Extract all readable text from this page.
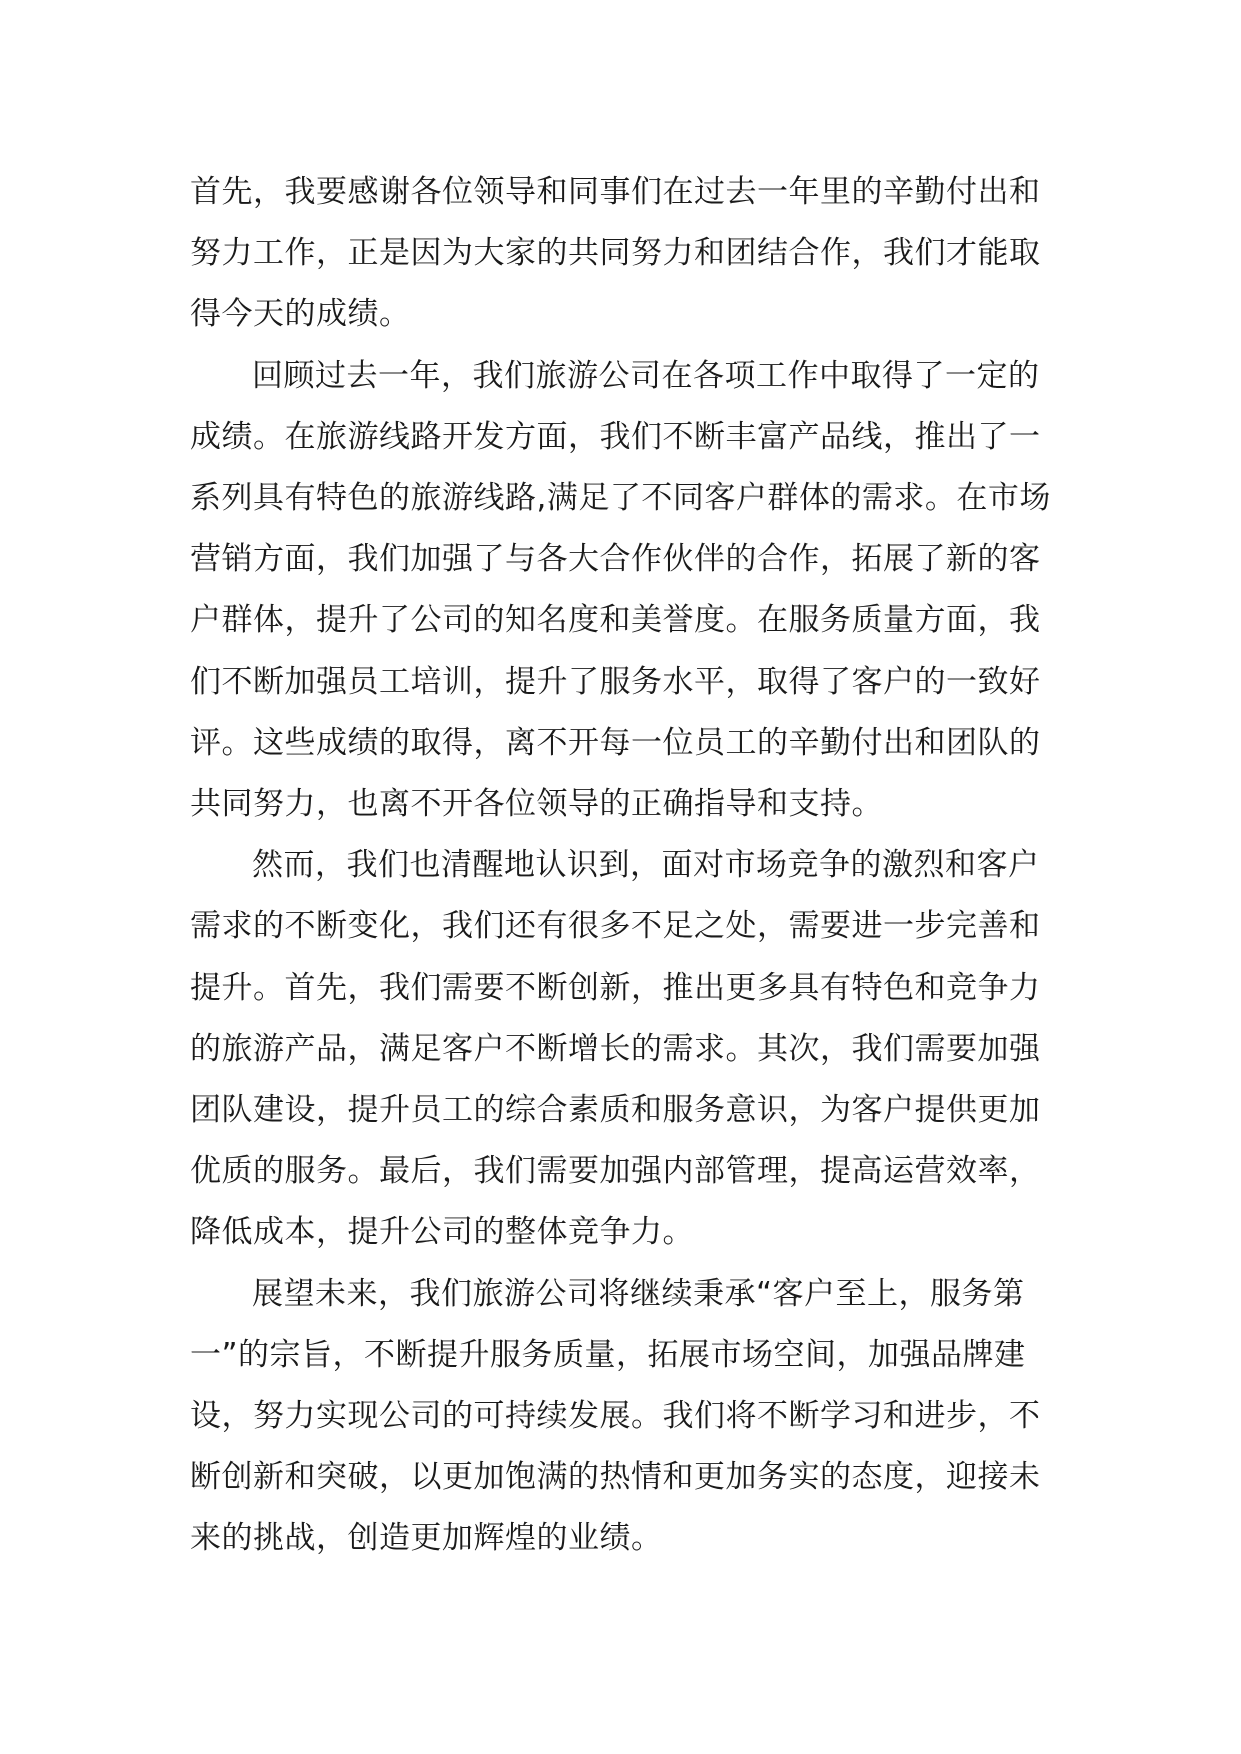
首先，我要感谢各位领导和同事们在过去一年里的辛勤付出和努力工作，正是因为大家的共同努力和团结合作，我们才能取得今天的成绩。

回顾过去一年，我们旅游公司在各项工作中取得了一定的成绩。在旅游线路开发方面，我们不断丰富产品线，推出了一系列具有特色的旅游线路,满足了不同客户群体的需求。在市场营销方面，我们加强了与各大合作伙伴的合作，拓展了新的客户群体，提升了公司的知名度和美誉度。在服务质量方面，我们不断加强员工培训，提升了服务水平，取得了客户的一致好评。这些成绩的取得，离不开每一位员工的辛勤付出和团队的共同努力，也离不开各位领导的正确指导和支持。

然而，我们也清醒地认识到，面对市场竞争的激烈和客户需求的不断变化，我们还有很多不足之处，需要进一步完善和提升。首先，我们需要不断创新，推出更多具有特色和竞争力的旅游产品，满足客户不断增长的需求。其次，我们需要加强团队建设，提升员工的综合素质和服务意识，为客户提供更加优质的服务。最后，我们需要加强内部管理，提高运营效率，降低成本，提升公司的整体竞争力。

展望未来，我们旅游公司将继续秉承“客户至上，服务第一”的宗旨，不断提升服务质量，拓展市场空间，加强品牌建设，努力实现公司的可持续发展。我们将不断学习和进步，不断创新和突破，以更加饱满的热情和更加务实的态度，迎接未来的挑战，创造更加辉煌的业绩。
